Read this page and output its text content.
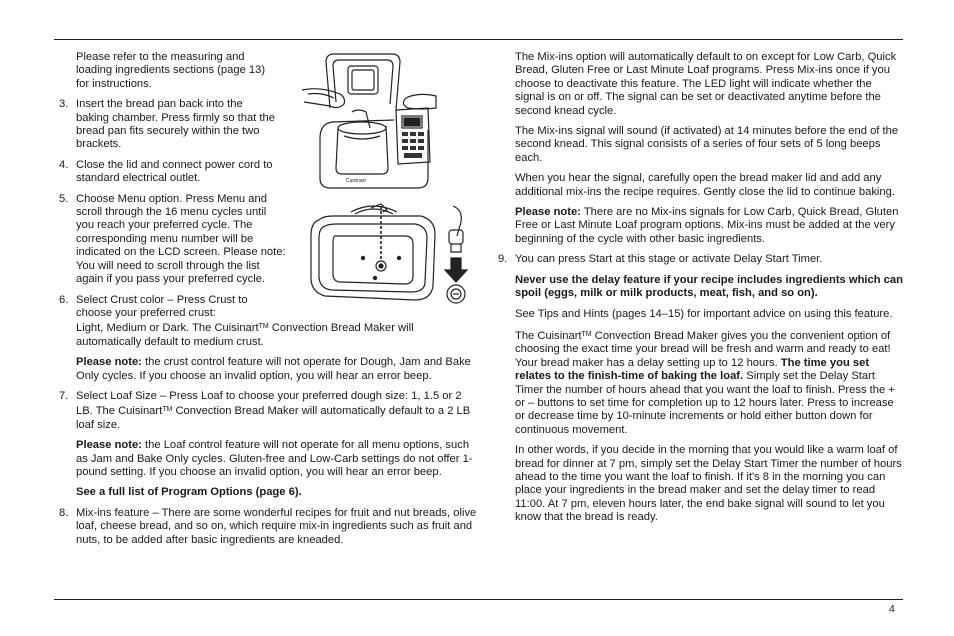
Please refer to the measuring and loading ingredients sections (page 13) for instructions.

3. Insert the bread pan back into the baking chamber. Press firmly so that the bread pan fits securely within the two brackets.

4. Close the lid and connect power cord to standard electrical outlet.

5. Choose Menu option. Press Menu and scroll through the 16 menu cycles until you reach your preferred cycle. The corresponding menu number will be indicated on the LCD screen. Please note: You will need to scroll through the list again if you pass your preferred cycle.

6. Select Crust color – Press Crust to choose your preferred crust:

Light, Medium or Dark. The Cuisinart™ Convection Bread Maker will automatically default to medium crust.

Please note: the crust control feature will not operate for Dough, Jam and Bake Only cycles. If you choose an invalid option, you will hear an error beep.

7. Select Loaf Size – Press Loaf to choose your preferred dough size: 1, 1.5 or 2 LB. The Cuisinart™ Convection Bread Maker will automatically default to a 2 LB loaf size.

Please note: the Loaf control feature will not operate for all menu options, such as Jam and Bake Only cycles. Gluten-free and Low-Carb settings do not offer 1-pound setting. If you choose an invalid option, you will hear an error beep.

See a full list of Program Options (page 6).

8. Mix-ins feature – There are some wonderful recipes for fruit and nut breads, olive loaf, cheese bread, and so on, which require mix-in ingredients such as fruit and nuts, to be added after basic ingredients are kneaded.

Cuisinart

The Mix-ins option will automatically default to on except for Low Carb, Quick Bread, Gluten Free or Last Minute Loaf programs. Press Mix-ins once if you choose to deactivate this feature. The LED light will indicate whether the signal is on or off. The signal can be set or deactivated anytime before the second knead cycle.

The Mix-ins signal will sound (if activated) at 14 minutes before the end of the second knead. This signal consists of a series of four sets of 5 long beeps each.

When you hear the signal, carefully open the bread maker lid and add any additional mix-ins the recipe requires. Gently close the lid to continue baking.

Please note: There are no Mix-ins signals for Low Carb, Quick Bread, Gluten Free or Last Minute Loaf program options. Mix-ins must be added at the very beginning of the cycle with other basic ingredients.

9. You can press Start at this stage or activate Delay Start Timer.

Never use the delay feature if your recipe includes ingredients which can spoil (eggs, milk or milk products, meat, fish, and so on).

See Tips and Hints (pages 14–15) for important advice on using this feature.

The Cuisinart™ Convection Bread Maker gives you the convenient option of choosing the exact time your bread will be fresh and warm and ready to eat! Your bread maker has a delay setting up to 12 hours. The time you set relates to the finish-time of baking the loaf. Simply set the Delay Start Timer the number of hours ahead that you want the loaf to finish. Press the + or – buttons to set time for completion up to 12 hours later. Press to increase or decrease time by 10-minute increments or hold either button down for continuous movement.

In other words, if you decide in the morning that you would like a warm loaf of bread for dinner at 7 pm, simply set the Delay Start Timer the number of hours ahead to the time you want the loaf to finish. If it's 8 in the morning you can place your ingredients in the bread maker and set the delay timer to read 11:00. At 7 pm, eleven hours later, the end bake signal will sound to let you know that the bread is ready.

4
